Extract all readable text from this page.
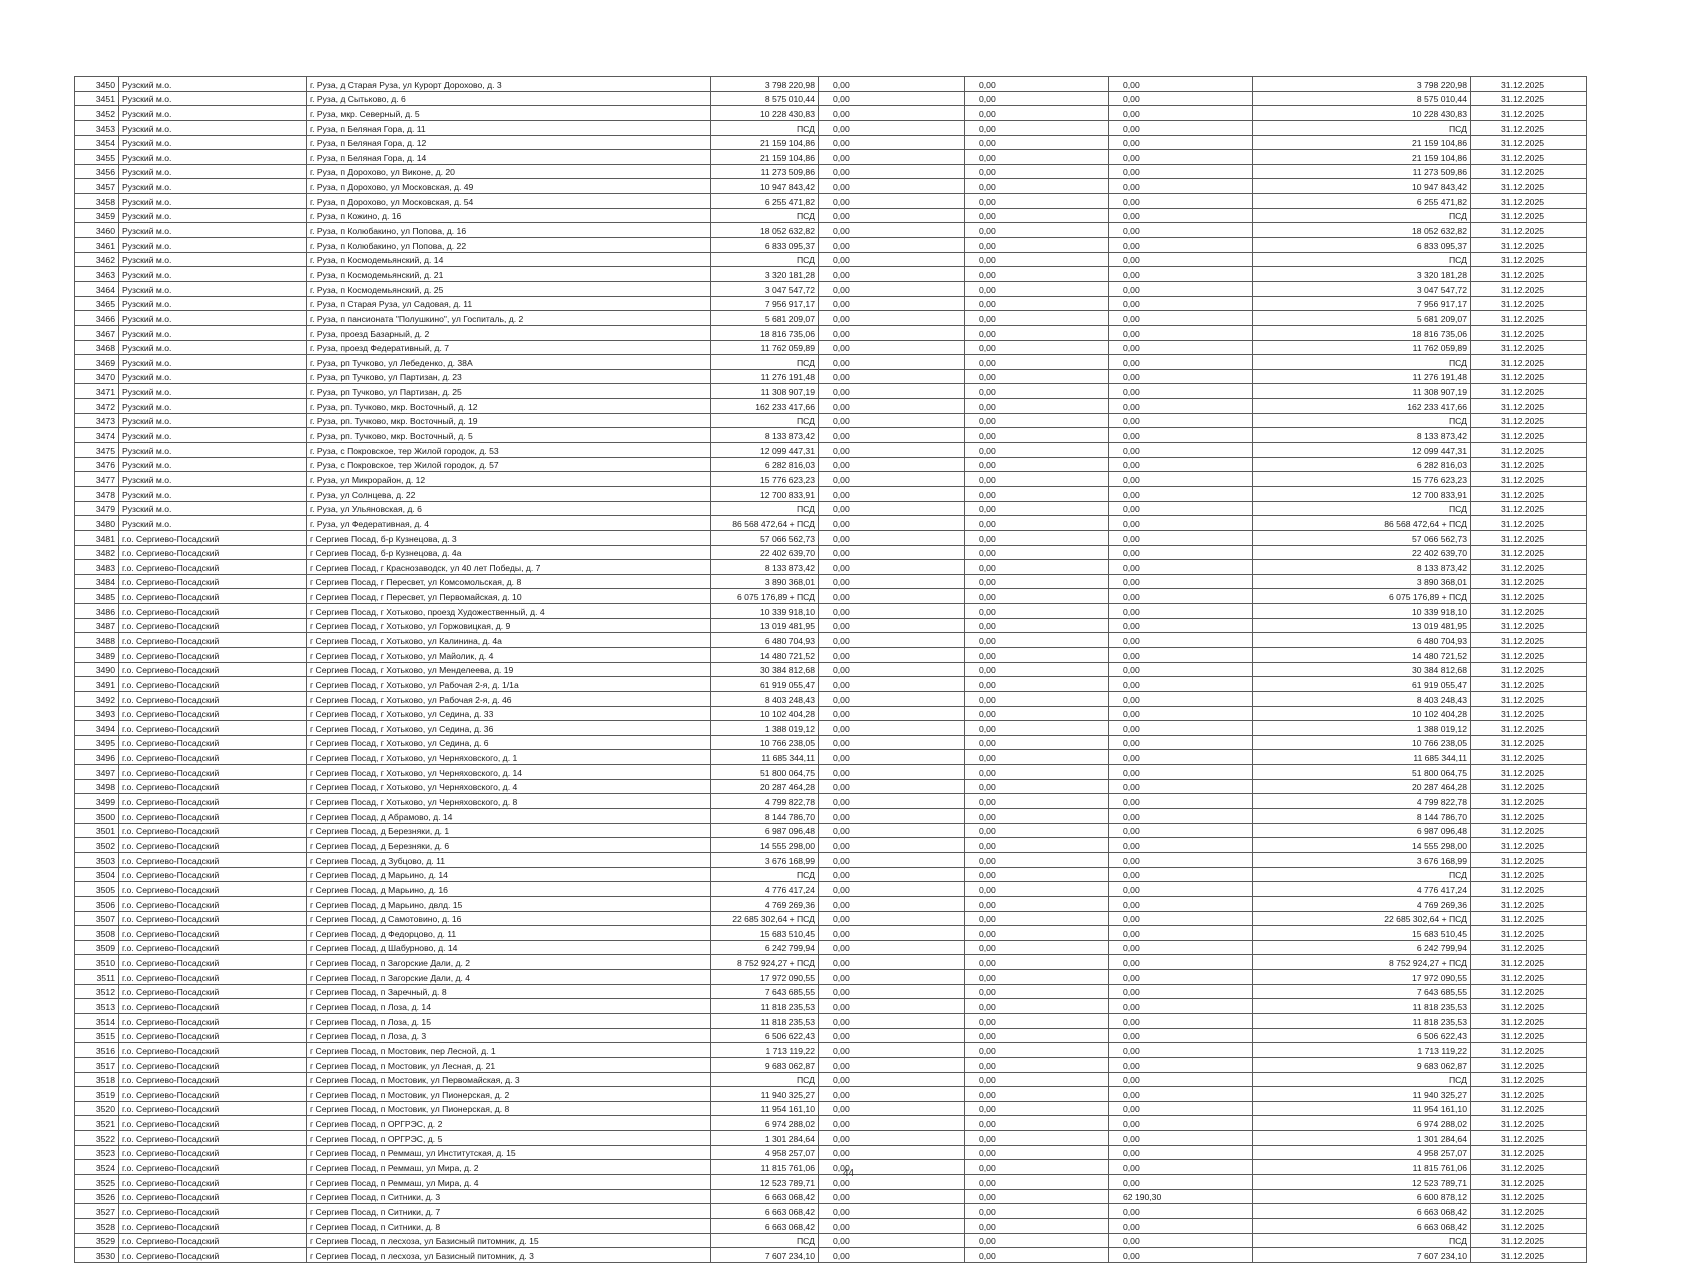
3450	Рузский м.о.	г. Руза, д Старая Руза, ул Курорт Дорохово, д. 3	3 798 220,98	0,00	0,00	0,00	3 798 220,98	31.12.2025
3451	Рузский м.о.	г. Руза, д Сытьково, д. 6	8 575 010,44	0,00	0,00	0,00	8 575 010,44	31.12.2025
3452	Рузский м.о.	г. Руза, мкр. Северный, д. 5	10 228 430,83	0,00	0,00	0,00	10 228 430,83	31.12.2025
3453	Рузский м.о.	г. Руза, п Беляная Гора, д. 11	ПСД	0,00	0,00	0,00	ПСД	31.12.2025
3454	Рузский м.о.	г. Руза, п Беляная Гора, д. 12	21 159 104,86	0,00	0,00	0,00	21 159 104,86	31.12.2025
3455	Рузский м.о.	г. Руза, п Беляная Гора, д. 14	21 159 104,86	0,00	0,00	0,00	21 159 104,86	31.12.2025
3456	Рузский м.о.	г. Руза, п Дорохово, ул Виконе, д. 20	11 273 509,86	0,00	0,00	0,00	11 273 509,86	31.12.2025
3457	Рузский м.о.	г. Руза, п Дорохово, ул Московская, д. 49	10 947 843,42	0,00	0,00	0,00	10 947 843,42	31.12.2025
3458	Рузский м.о.	г. Руза, п Дорохово, ул Московская, д. 54	6 255 471,82	0,00	0,00	0,00	6 255 471,82	31.12.2025
3459	Рузский м.о.	г. Руза, п Кожино, д. 16	ПСД	0,00	0,00	0,00	ПСД	31.12.2025
3460	Рузский м.о.	г. Руза, п Колюбакино, ул Попова, д. 16	18 052 632,82	0,00	0,00	0,00	18 052 632,82	31.12.2025
3461	Рузский м.о.	г. Руза, п Колюбакино, ул Попова, д. 22	6 833 095,37	0,00	0,00	0,00	6 833 095,37	31.12.2025
3462	Рузский м.о.	г. Руза, п Космодемьянский, д. 14	ПСД	0,00	0,00	0,00	ПСД	31.12.2025
3463	Рузский м.о.	г. Руза, п Космодемьянский, д. 21	3 320 181,28	0,00	0,00	0,00	3 320 181,28	31.12.2025
3464	Рузский м.о.	г. Руза, п Космодемьянский, д. 25	3 047 547,72	0,00	0,00	0,00	3 047 547,72	31.12.2025
3465	Рузский м.о.	г. Руза, п Старая Руза, ул Садовая, д. 11	7 956 917,17	0,00	0,00	0,00	7 956 917,17	31.12.2025
3466	Рузский м.о.	г. Руза, п пансионата "Полушкино", ул Госпиталь, д. 2	5 681 209,07	0,00	0,00	0,00	5 681 209,07	31.12.2025
3467	Рузский м.о.	г. Руза, проезд Базарный, д. 2	18 816 735,06	0,00	0,00	0,00	18 816 735,06	31.12.2025
3468	Рузский м.о.	г. Руза, проезд Федеративный, д. 7	11 762 059,89	0,00	0,00	0,00	11 762 059,89	31.12.2025
3469	Рузский м.о.	г. Руза, рп Тучково, ул Лебеденко, д. 38А	ПСД	0,00	0,00	0,00	ПСД	31.12.2025
3470	Рузский м.о.	г. Руза, рп Тучково, ул Партизан, д. 23	11 276 191,48	0,00	0,00	0,00	11 276 191,48	31.12.2025
3471	Рузский м.о.	г. Руза, рп Тучково, ул Партизан, д. 25	11 308 907,19	0,00	0,00	0,00	11 308 907,19	31.12.2025
3472	Рузский м.о.	г. Руза, рп. Тучково, мкр. Восточный, д. 12	162 233 417,66	0,00	0,00	0,00	162 233 417,66	31.12.2025
3473	Рузский м.о.	г. Руза, рп. Тучково, мкр. Восточный, д. 19	ПСД	0,00	0,00	0,00	ПСД	31.12.2025
3474	Рузский м.о.	г. Руза, рп. Тучково, мкр. Восточный, д. 5	8 133 873,42	0,00	0,00	0,00	8 133 873,42	31.12.2025
3475	Рузский м.о.	г. Руза, с Покровское, тер Жилой городок, д. 53	12 099 447,31	0,00	0,00	0,00	12 099 447,31	31.12.2025
3476	Рузский м.о.	г. Руза, с Покровское, тер Жилой городок, д. 57	6 282 816,03	0,00	0,00	0,00	6 282 816,03	31.12.2025
3477	Рузский м.о.	г. Руза, ул Микрорайон, д. 12	15 776 623,23	0,00	0,00	0,00	15 776 623,23	31.12.2025
3478	Рузский м.о.	г. Руза, ул Солнцева, д. 22	12 700 833,91	0,00	0,00	0,00	12 700 833,91	31.12.2025
3479	Рузский м.о.	г. Руза, ул Ульяновская, д. 6	ПСД	0,00	0,00	0,00	ПСД	31.12.2025
3480	Рузский м.о.	г. Руза, ул Федеративная, д. 4	86 568 472,64 + ПСД	0,00	0,00	0,00	86 568 472,64 + ПСД	31.12.2025
3481	г.о. Сергиево-Посадский	г Сергиев Посад, б-р Кузнецова, д. 3	57 066 562,73	0,00	0,00	0,00	57 066 562,73	31.12.2025
3482	г.о. Сергиево-Посадский	г Сергиев Посад, б-р Кузнецова, д. 4а	22 402 639,70	0,00	0,00	0,00	22 402 639,70	31.12.2025
3483	г.о. Сергиево-Посадский	г Сергиев Посад, г Краснозаводск, ул 40 лет Победы, д. 7	8 133 873,42	0,00	0,00	0,00	8 133 873,42	31.12.2025
3484	г.о. Сергиево-Посадский	г Сергиев Посад, г Пересвет, ул Комсомольская, д. 8	3 890 368,01	0,00	0,00	0,00	3 890 368,01	31.12.2025
3485	г.о. Сергиево-Посадский	г Сергиев Посад, г Пересвет, ул Первомайская, д. 10	6 075 176,89 + ПСД	0,00	0,00	0,00	6 075 176,89 + ПСД	31.12.2025
3486	г.о. Сергиево-Посадский	г Сергиев Посад, г Хотьково, проезд Художественный, д. 4	10 339 918,10	0,00	0,00	0,00	10 339 918,10	31.12.2025
3487	г.о. Сергиево-Посадский	г Сергиев Посад, г Хотьково, ул Горжовицкая, д. 9	13 019 481,95	0,00	0,00	0,00	13 019 481,95	31.12.2025
3488	г.о. Сергиево-Посадский	г Сергиев Посад, г Хотьково, ул Калинина, д. 4а	6 480 704,93	0,00	0,00	0,00	6 480 704,93	31.12.2025
3489	г.о. Сергиево-Посадский	г Сергиев Посад, г Хотьково, ул Майолик, д. 4	14 480 721,52	0,00	0,00	0,00	14 480 721,52	31.12.2025
3490	г.о. Сергиево-Посадский	г Сергиев Посад, г Хотьково, ул Менделеева, д. 19	30 384 812,68	0,00	0,00	0,00	30 384 812,68	31.12.2025
3491	г.о. Сергиево-Посадский	г Сергиев Посад, г Хотьково, ул Рабочая 2-я, д. 1/1а	61 919 055,47	0,00	0,00	0,00	61 919 055,47	31.12.2025
3492	г.о. Сергиево-Посадский	г Сергиев Посад, г Хотьково, ул Рабочая 2-я, д. 46	8 403 248,43	0,00	0,00	0,00	8 403 248,43	31.12.2025
3493	г.о. Сергиево-Посадский	г Сергиев Посад, г Хотьково, ул Седина, д. 33	10 102 404,28	0,00	0,00	0,00	10 102 404,28	31.12.2025
3494	г.о. Сергиево-Посадский	г Сергиев Посад, г Хотьково, ул Седина, д. 36	1 388 019,12	0,00	0,00	0,00	1 388 019,12	31.12.2025
3495	г.о. Сергиево-Посадский	г Сергиев Посад, г Хотьково, ул Седина, д. 6	10 766 238,05	0,00	0,00	0,00	10 766 238,05	31.12.2025
3496	г.о. Сергиево-Посадский	г Сергиев Посад, г Хотьково, ул Черняховского, д. 1	11 685 344,11	0,00	0,00	0,00	11 685 344,11	31.12.2025
3497	г.о. Сергиево-Посадский	г Сергиев Посад, г Хотьково, ул Черняховского, д. 14	51 800 064,75	0,00	0,00	0,00	51 800 064,75	31.12.2025
3498	г.о. Сергиево-Посадский	г Сергиев Посад, г Хотьково, ул Черняховского, д. 4	20 287 464,28	0,00	0,00	0,00	20 287 464,28	31.12.2025
3499	г.о. Сергиево-Посадский	г Сергиев Посад, г Хотьково, ул Черняховского, д. 8	4 799 822,78	0,00	0,00	0,00	4 799 822,78	31.12.2025
3500	г.о. Сергиево-Посадский	г Сергиев Посад, д Абрамово, д. 14	8 144 786,70	0,00	0,00	0,00	8 144 786,70	31.12.2025
3501	г.о. Сергиево-Посадский	г Сергиев Посад, д Березняки, д. 1	6 987 096,48	0,00	0,00	0,00	6 987 096,48	31.12.2025
3502	г.о. Сергиево-Посадский	г Сергиев Посад, д Березняки, д. 6	14 555 298,00	0,00	0,00	0,00	14 555 298,00	31.12.2025
3503	г.о. Сергиево-Посадский	г Сергиев Посад, д Зубцово, д. 11	3 676 168,99	0,00	0,00	0,00	3 676 168,99	31.12.2025
3504	г.о. Сергиево-Посадский	г Сергиев Посад, д Марьино, д. 14	ПСД	0,00	0,00	0,00	ПСД	31.12.2025
3505	г.о. Сергиево-Посадский	г Сергиев Посад, д Марьино, д. 16	4 776 417,24	0,00	0,00	0,00	4 776 417,24	31.12.2025
3506	г.о. Сергиево-Посадский	г Сергиев Посад, д Марьино, двлд. 15	4 769 269,36	0,00	0,00	0,00	4 769 269,36	31.12.2025
3507	г.о. Сергиево-Посадский	г Сергиев Посад, д Самотовино, д. 16	22 685 302,64 + ПСД	0,00	0,00	0,00	22 685 302,64 + ПСД	31.12.2025
3508	г.о. Сергиево-Посадский	г Сергиев Посад, д Федорцово, д. 11	15 683 510,45	0,00	0,00	0,00	15 683 510,45	31.12.2025
3509	г.о. Сергиево-Посадский	г Сергиев Посад, д Шабурново, д. 14	6 242 799,94	0,00	0,00	0,00	6 242 799,94	31.12.2025
3510	г.о. Сергиево-Посадский	г Сергиев Посад, п Загорские Дали, д. 2	8 752 924,27 + ПСД	0,00	0,00	0,00	8 752 924,27 + ПСД	31.12.2025
3511	г.о. Сергиево-Посадский	г Сергиев Посад, п Загорские Дали, д. 4	17 972 090,55	0,00	0,00	0,00	17 972 090,55	31.12.2025
3512	г.о. Сергиево-Посадский	г Сергиев Посад, п Заречный, д. 8	7 643 685,55	0,00	0,00	0,00	7 643 685,55	31.12.2025
3513	г.о. Сергиево-Посадский	г Сергиев Посад, п Лоза, д. 14	11 818 235,53	0,00	0,00	0,00	11 818 235,53	31.12.2025
3514	г.о. Сергиево-Посадский	г Сергиев Посад, п Лоза, д. 15	11 818 235,53	0,00	0,00	0,00	11 818 235,53	31.12.2025
3515	г.о. Сергиево-Посадский	г Сергиев Посад, п Лоза, д. 3	6 506 622,43	0,00	0,00	0,00	6 506 622,43	31.12.2025
3516	г.о. Сергиево-Посадский	г Сергиев Посад, п Мостовик, пер Лесной, д. 1	1 713 119,22	0,00	0,00	0,00	1 713 119,22	31.12.2025
3517	г.о. Сергиево-Посадский	г Сергиев Посад, п Мостовик, ул Лесная, д. 21	9 683 062,87	0,00	0,00	0,00	9 683 062,87	31.12.2025
3518	г.о. Сергиево-Посадский	г Сергиев Посад, п Мостовик, ул Первомайская, д. 3	ПСД	0,00	0,00	0,00	ПСД	31.12.2025
3519	г.о. Сергиево-Посадский	г Сергиев Посад, п Мостовик, ул Пионерская, д. 2	11 940 325,27	0,00	0,00	0,00	11 940 325,27	31.12.2025
3520	г.о. Сергиево-Посадский	г Сергиев Посад, п Мостовик, ул Пионерская, д. 8	11 954 161,10	0,00	0,00	0,00	11 954 161,10	31.12.2025
3521	г.о. Сергиево-Посадский	г Сергиев Посад, п ОРГРЭС, д. 2	6 974 288,02	0,00	0,00	0,00	6 974 288,02	31.12.2025
3522	г.о. Сергиево-Посадский	г Сергиев Посад, п ОРГРЭС, д. 5	1 301 284,64	0,00	0,00	0,00	1 301 284,64	31.12.2025
3523	г.о. Сергиево-Посадский	г Сергиев Посад, п Реммаш, ул Институтская, д. 15	4 958 257,07	0,00	0,00	0,00	4 958 257,07	31.12.2025
3524	г.о. Сергиево-Посадский	г Сергиев Посад, п Реммаш, ул Мира, д. 2	11 815 761,06	0,00	0,00	0,00	11 815 761,06	31.12.2025
3525	г.о. Сергиево-Посадский	г Сергиев Посад, п Реммаш, ул Мира, д. 4	12 523 789,71	0,00	0,00	0,00	12 523 789,71	31.12.2025
3526	г.о. Сергиево-Посадский	г Сергиев Посад, п Ситники, д. 3	6 663 068,42	0,00	0,00	62 190,30	6 600 878,12	31.12.2025
3527	г.о. Сергиево-Посадский	г Сергиев Посад, п Ситники, д. 7	6 663 068,42	0,00	0,00	0,00	6 663 068,42	31.12.2025
3528	г.о. Сергиево-Посадский	г Сергиев Посад, п Ситники, д. 8	6 663 068,42	0,00	0,00	0,00	6 663 068,42	31.12.2025
3529	г.о. Сергиево-Посадский	г Сергиев Посад, п лесхоза, ул Базисный питомник, д. 15	ПСД	0,00	0,00	0,00	ПСД	31.12.2025
3530	г.о. Сергиево-Посадский	г Сергиев Посад, п лесхоза, ул Базисный питомник, д. 3	7 607 234,10	0,00	0,00	0,00	7 607 234,10	31.12.2025
44
